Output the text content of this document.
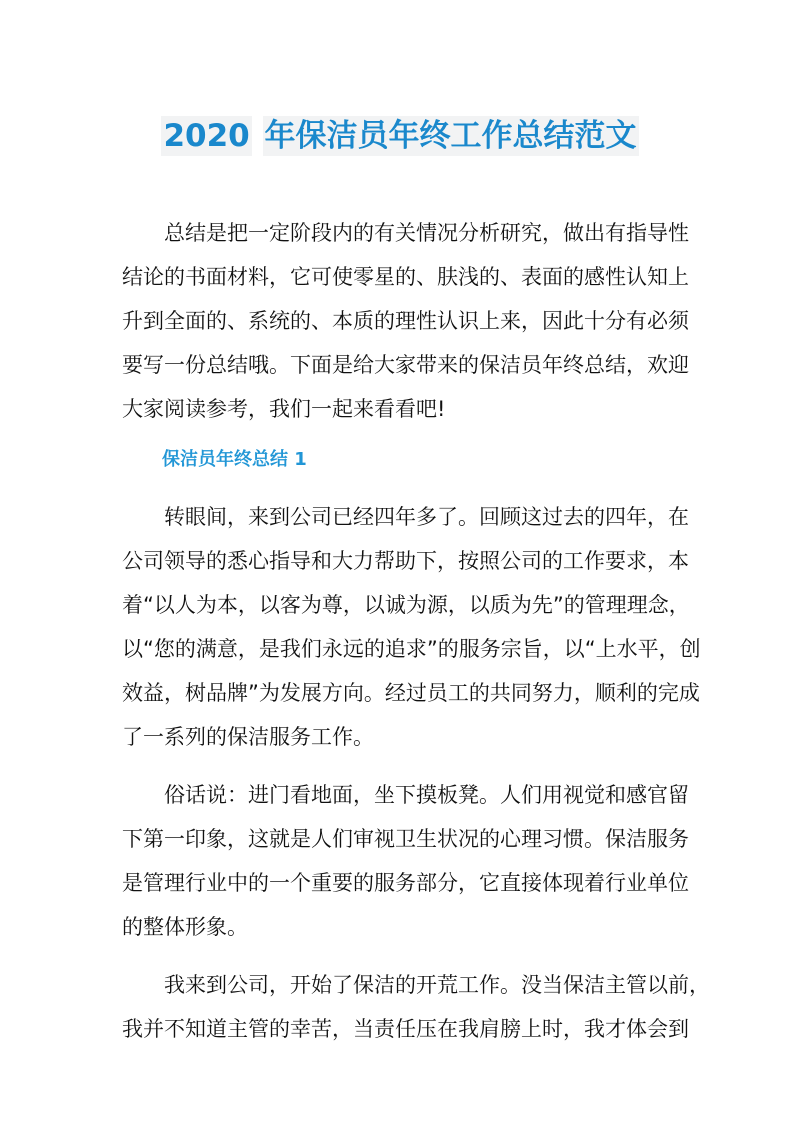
2020 年保洁员年终工作总结范文
总结是把一定阶段内的有关情况分析研究，做出有指导性
结论的书面材料，它可使零星的、肤浅的、表面的感性认知上
升到全面的、系统的、本质的理性认识上来，因此十分有必须
要写一份总结哦。下面是给大家带来的保洁员年终总结，欢迎
大家阅读参考，我们一起来看看吧!
转眼间，来到公司已经四年多了。回顾这过去的四年，在
公司领导的悉心指导和大力帮助下，按照公司的工作要求，本
着“以人为本，以客为尊，以诚为源，以质为先”的管理理念，
以“您的满意，是我们永远的追求”的服务宗旨，以“上水平，创
效益，树品牌”为发展方向。经过员工的共同努力，顺利的完成
了一系列的保洁服务工作。
俗话说：进门看地面，坐下摸板凳。人们用视觉和感官留
下第一印象，这就是人们审视卫生状况的心理习惯。保洁服务
是管理行业中的一个重要的服务部分，它直接体现着行业单位
的整体形象。
我来到公司，开始了保洁的开荒工作。没当保洁主管以前，
我并不知道主管的幸苦，当责任压在我肩膀上时，我才体会到
保洁员年终总结 1
